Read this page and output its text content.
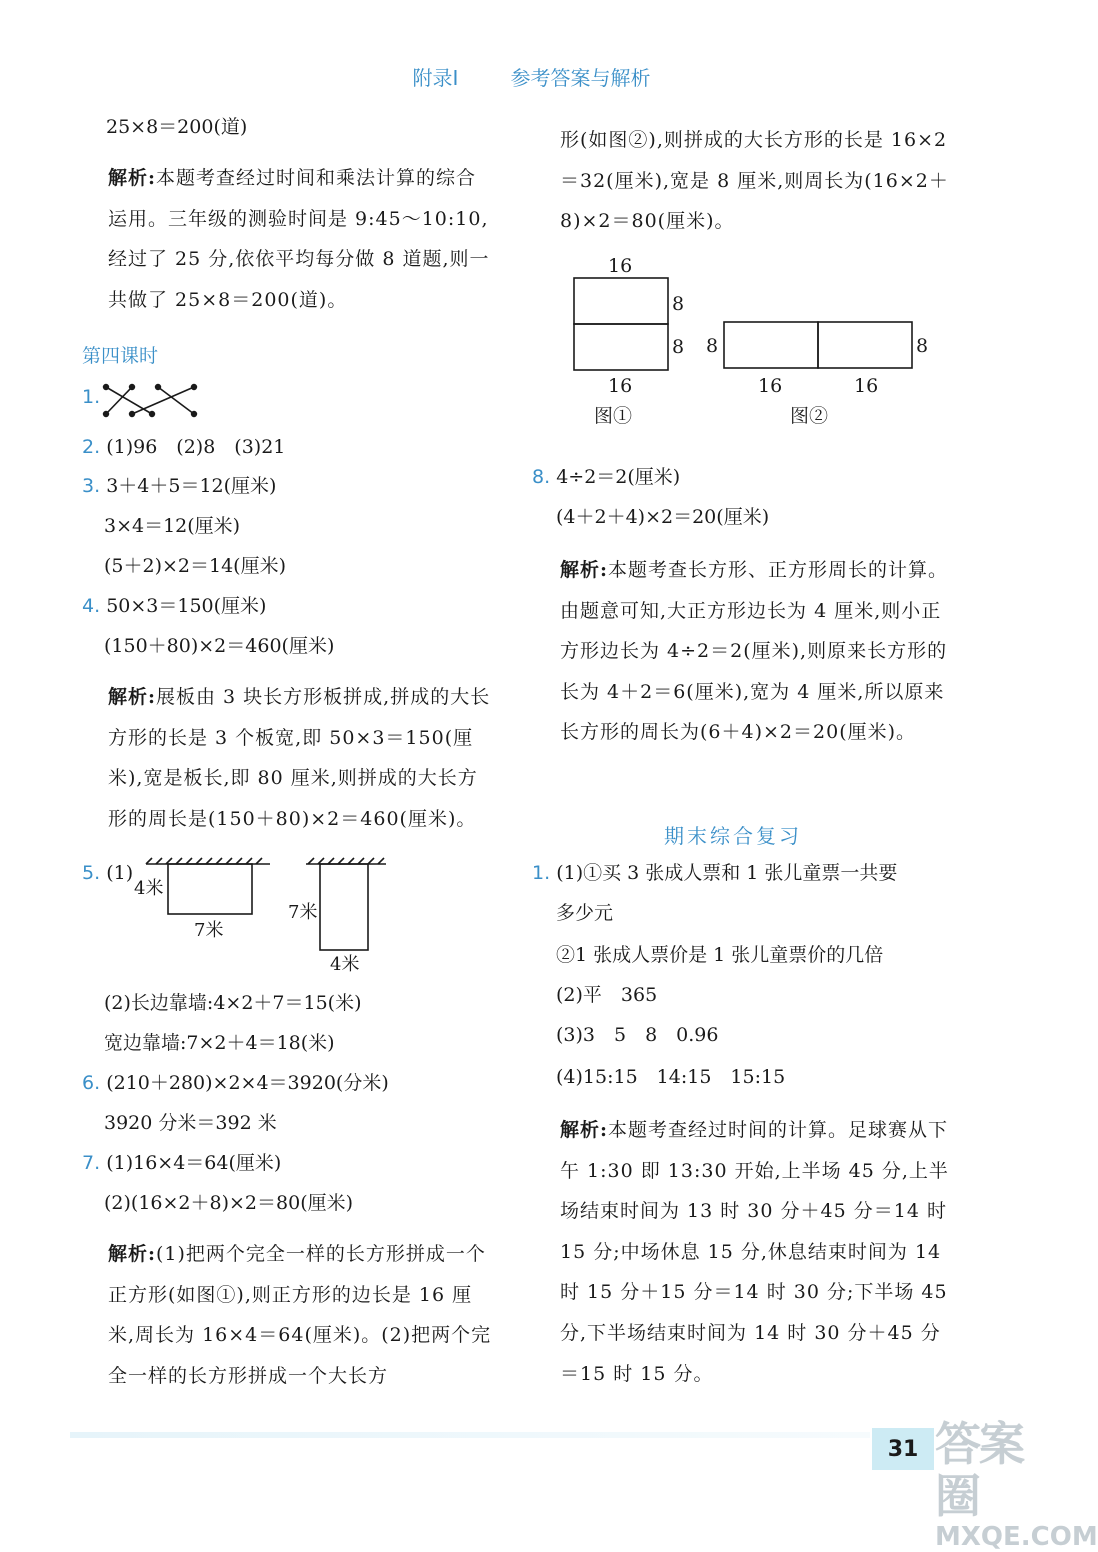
附录Ⅰ	参考答案与解析
25×8＝200(道)
解析:本题考查经过时间和乘法计算的综合运用。三年级的测验时间是 9:45～10:10,经过了 25 分,依依平均每分做 8 道题,则一共做了 25×8＝200(道)。
第四课时
1.
2. (1)96　(2)8　(3)21
3. 3＋4＋5＝12(厘米)
3×4＝12(厘米)
(5＋2)×2＝14(厘米)
4. 50×3＝150(厘米)
(150＋80)×2＝460(厘米)
解析:展板由 3 块长方形板拼成,拼成的大长方形的长是 3 个板宽,即 50×3＝150(厘米),宽是板长,即 80 厘米,则拼成的大长方形的周长是(150＋80)×2＝460(厘米)。
5. (1)
4米
7米
7米
4米
(2)长边靠墙:4×2＋7＝15(米)
宽边靠墙:7×2＋4＝18(米)
6. (210＋280)×2×4＝3920(分米)
3920 分米＝392 米
7. (1)16×4＝64(厘米)
(2)(16×2＋8)×2＝80(厘米)
解析:(1)把两个完全一样的长方形拼成一个正方形(如图①),则正方形的边长是 16 厘米,周长为 16×4＝64(厘米)。(2)把两个完全一样的长方形拼成一个大长方
形(如图②),则拼成的大长方形的长是 16×2＝32(厘米),宽是 8 厘米,则周长为(16×2＋8)×2＝80(厘米)。
16
8
8
16
图①
8	8
16	16
图②
8. 4÷2＝2(厘米)
(4＋2＋4)×2＝20(厘米)
解析:本题考查长方形、正方形周长的计算。由题意可知,大正方形边长为 4 厘米,则小正方形边长为 4÷2＝2(厘米),则原来长方形的长为 4＋2＝6(厘米),宽为 4 厘米,所以原来长方形的周长为(6＋4)×2＝20(厘米)。
期末综合复习
1. (1)①买 3 张成人票和 1 张儿童票一共要
多少元
②1 张成人票价是 1 张儿童票价的几倍
(2)平　365
(3)3　5　8　0.96
(4)15:15　14:15　15:15
解析:本题考查经过时间的计算。足球赛从下午 1:30 即 13:30 开始,上半场 45 分,上半场结束时间为 13 时 30 分＋45 分＝14 时 15 分;中场休息 15 分,休息结束时间为 14 时 15 分＋15 分＝14 时 30 分;下半场 45 分,下半场结束时间为 14 时 30 分＋45 分＝15 时 15 分。
31 答案圈
MXQE.COM
